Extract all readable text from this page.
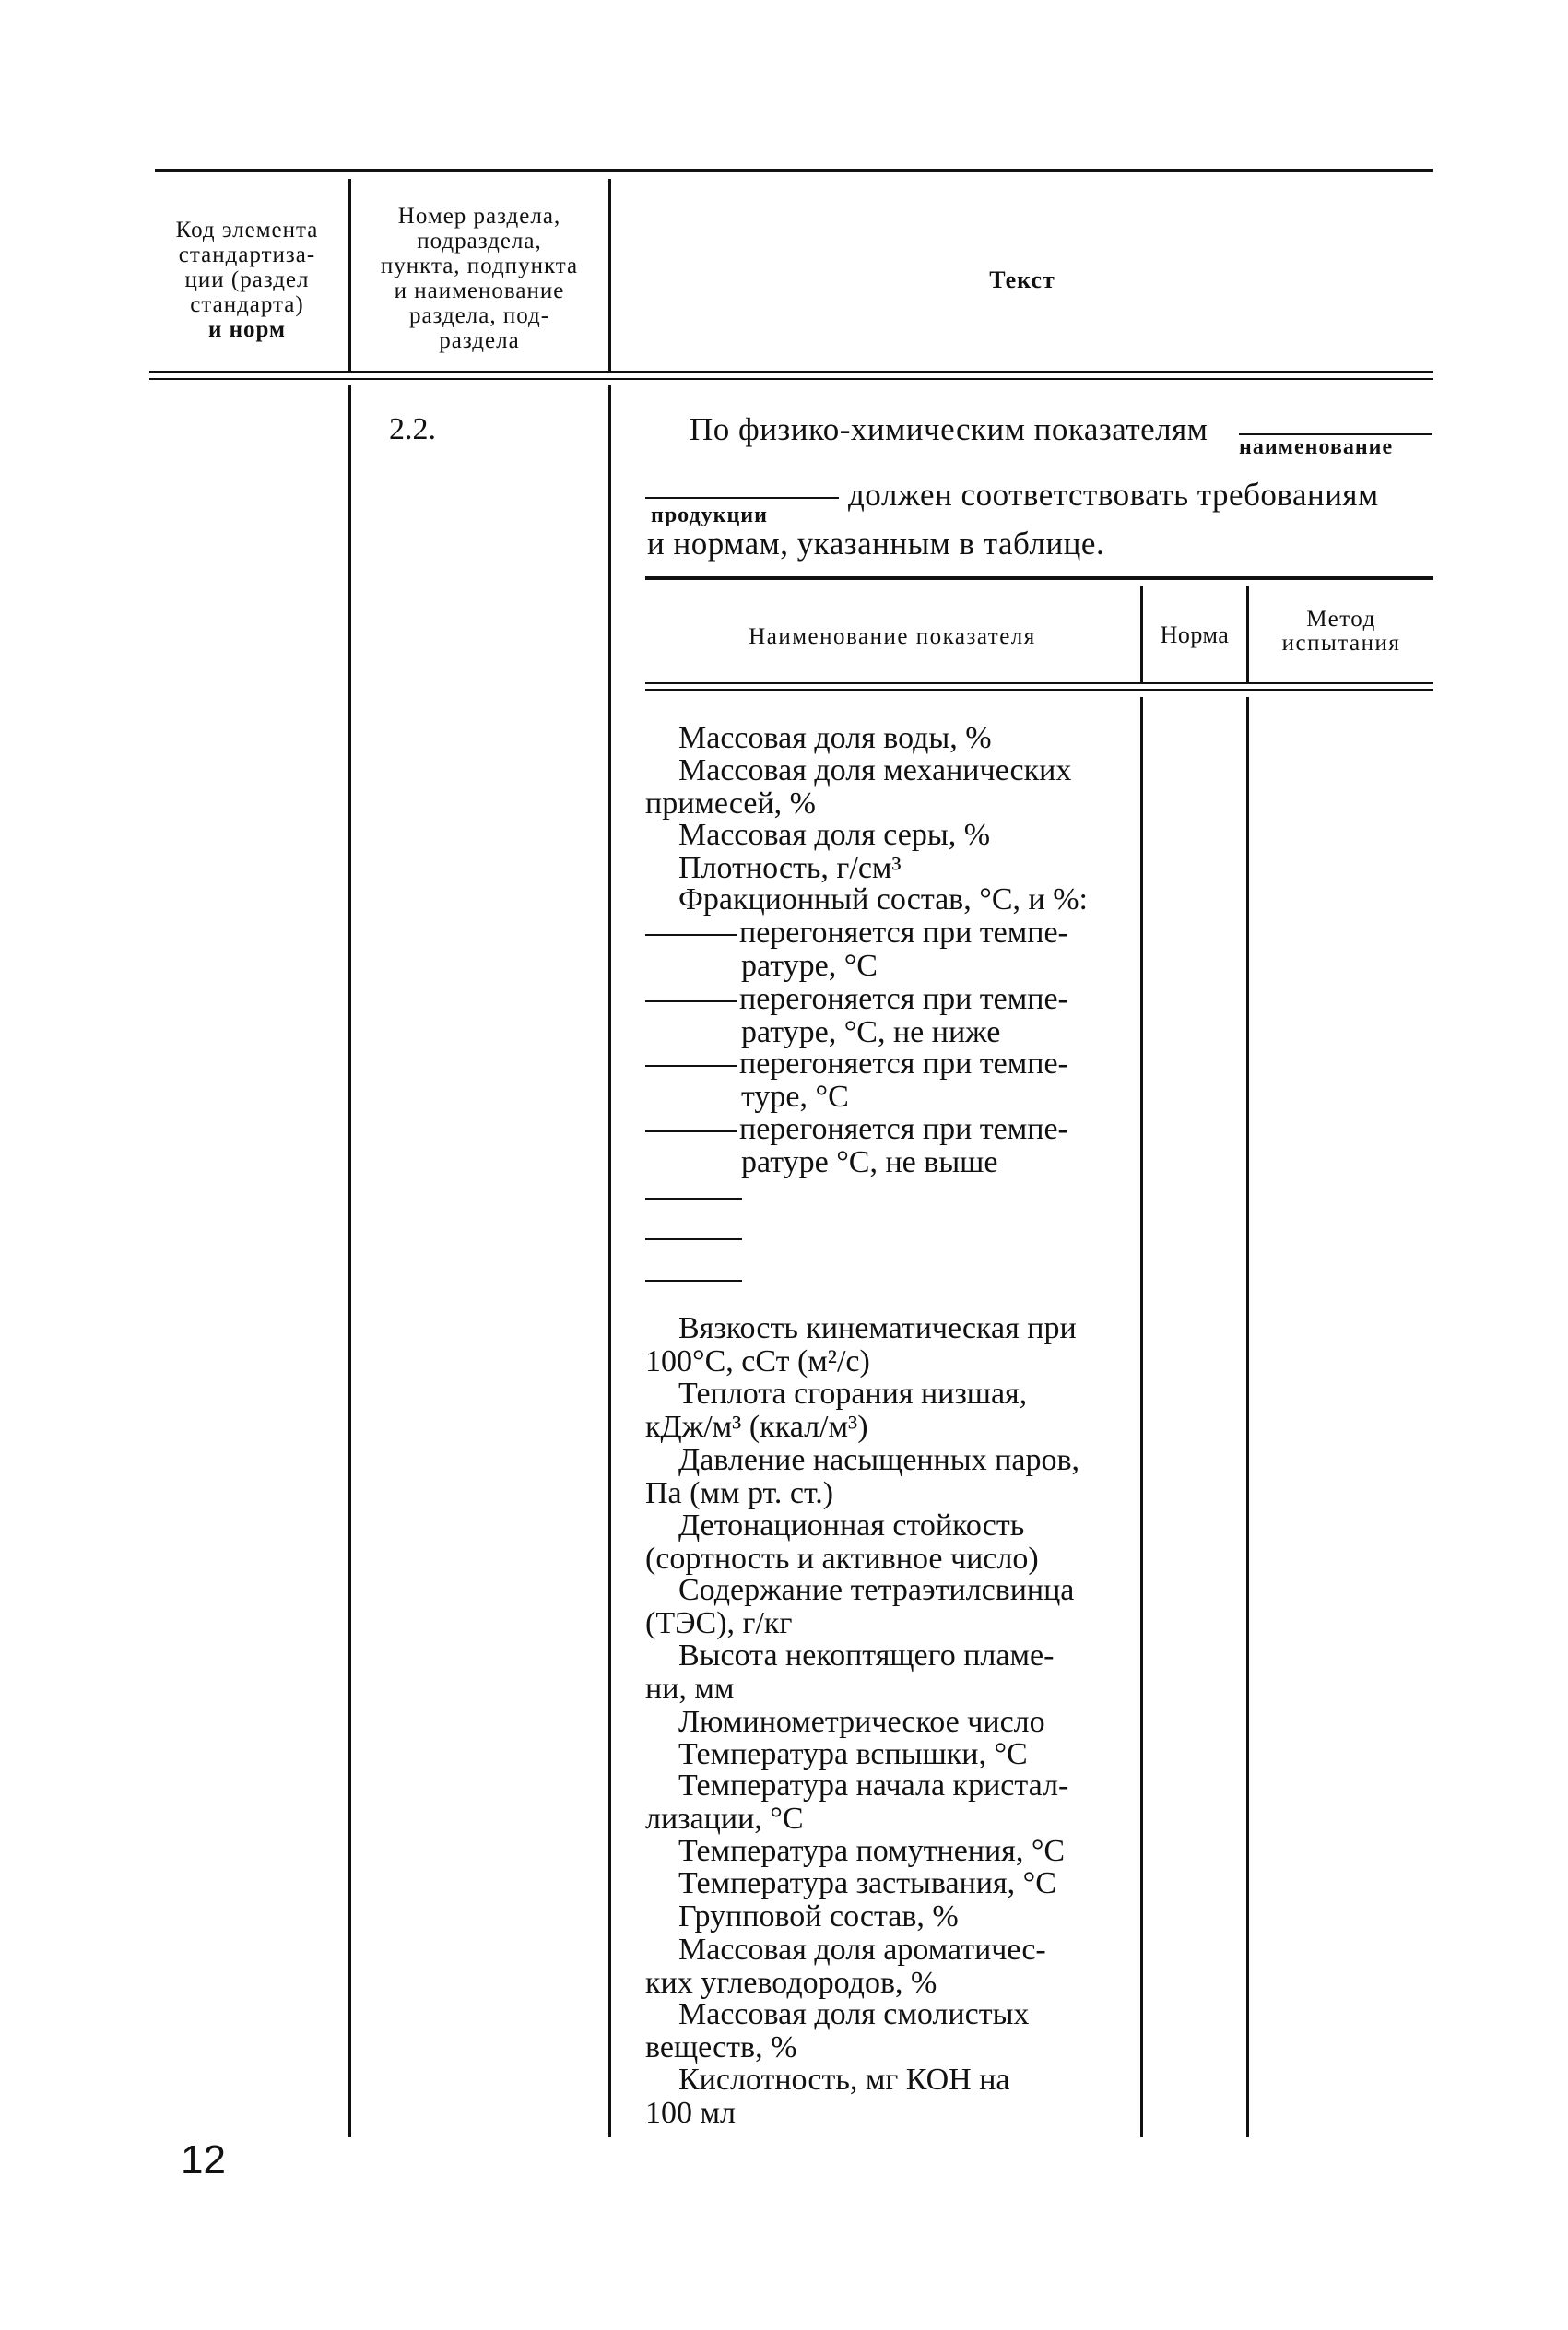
Код элемента
стандартиза-
ции (раздел
стандарта)
и норм
Номер раздела,
подраздела,
пункта, подпункта
и наименование
раздела, под-
раздела
Текст
2.2.	По физико-химическим показателям наименование
должен соответствовать требованиям
продукции
и нормам, указанным в таблице.
Наименование показателя	Норма
Метод
испытания
Массовая доля воды, %
Массовая доля механических
примесей, %
Массовая доля серы, %
Плотность, г/см³
Фракционный состав, °С, и %:
перегоняется при темпе-
ратуре, °С
перегоняется при темпе-
ратуре, °С, не ниже
перегоняется при темпе-
туре, °С
перегоняется при темпе-
ратуре °С, не выше
Вязкость кинематическая при
100°С, сСт (м²/с)
Теплота сгорания низшая,
кДж/м³ (ккал/м³)
Давление насыщенных паров,
Па (мм рт. ст.)
Детонационная стойкость
(сортность и активное число)
Содержание тетраэтилсвинца
(ТЭС), г/кг
Высота некоптящего пламе-
ни, мм
Люминометрическое число
Температура вспышки, °С
Температура начала кристал-
лизации, °С
Температура помутнения, °С
Температура застывания, °С
Групповой состав, %
Массовая доля ароматичес-
ких углеводородов, %
Массовая доля смолистых
веществ, %
Кислотность, мг КОН на
100 мл
12
